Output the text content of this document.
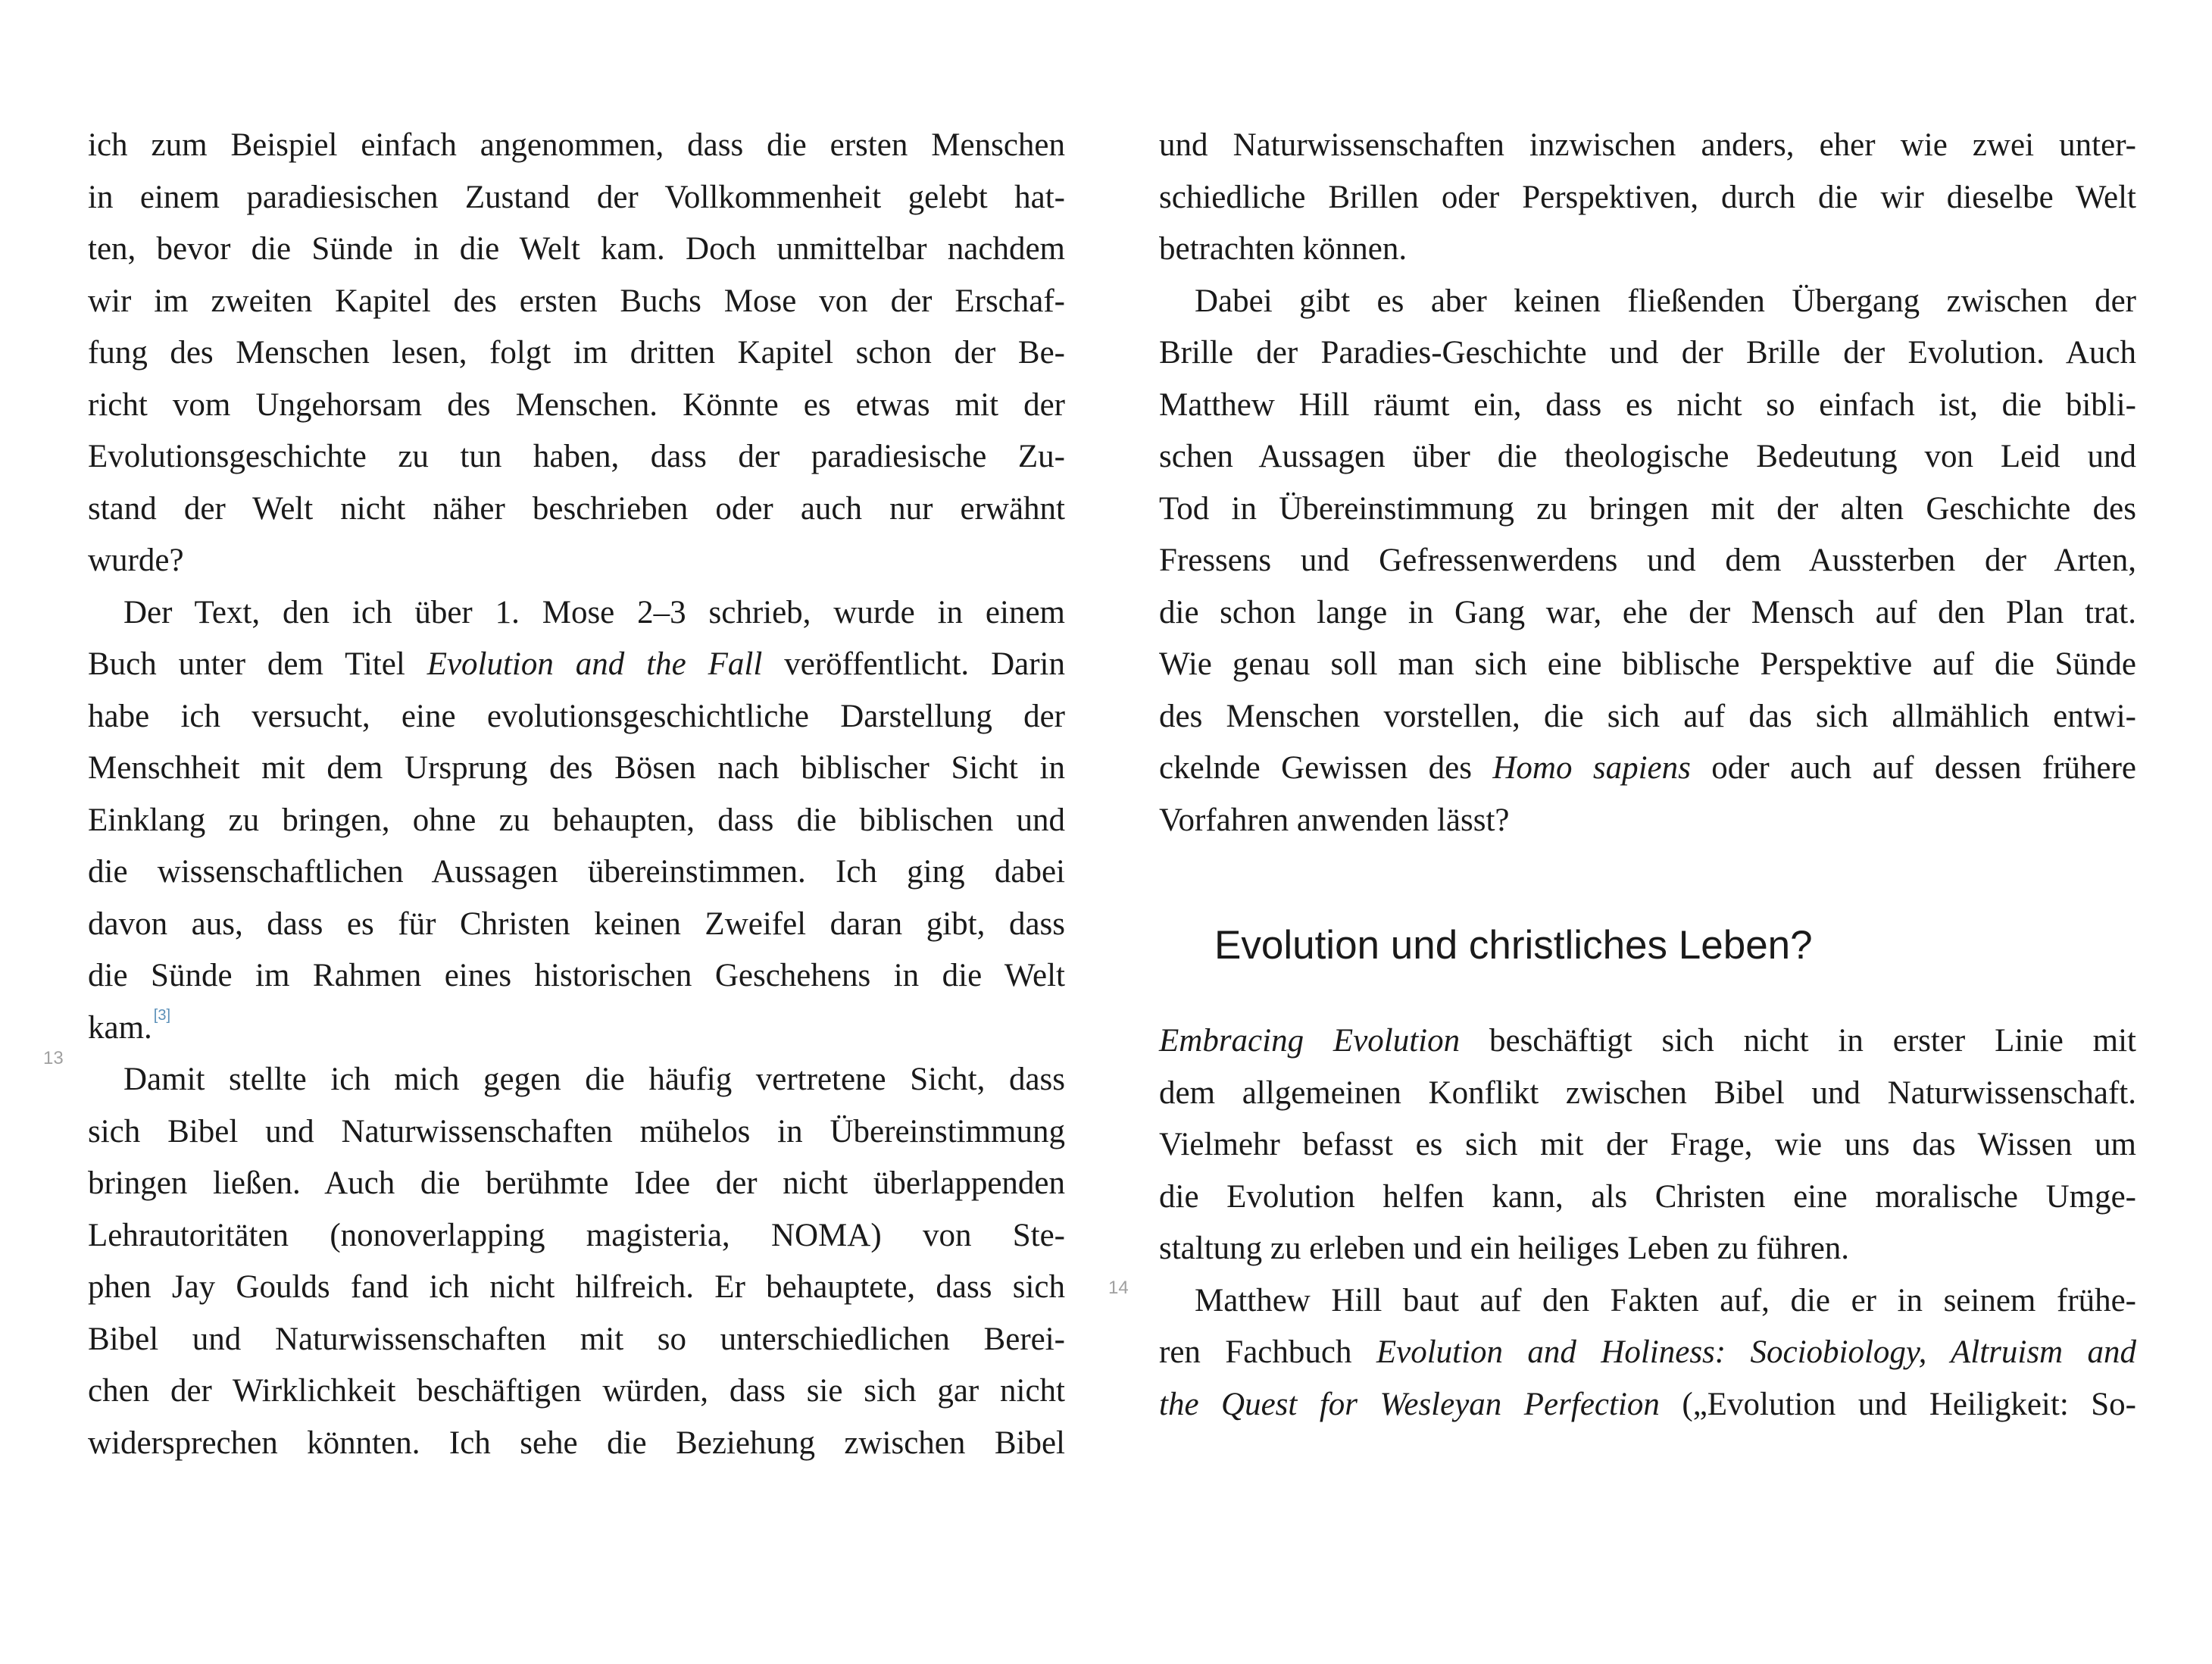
ich zum Beispiel einfach angenommen, dass die ersten Menschen
in einem paradiesischen Zustand der Vollkommenheit gelebt hat-
ten, bevor die Sünde in die Welt kam. Doch unmittelbar nachdem
wir im zweiten Kapitel des ersten Buchs Mose von der Erschaf-
fung des Menschen lesen, folgt im dritten Kapitel schon der Be-
richt vom Ungehorsam des Menschen. Könnte es etwas mit der
Evolutionsgeschichte zu tun haben, dass der paradiesische Zu-
stand der Welt nicht näher beschrieben oder auch nur erwähnt
wurde?
Der Text, den ich über 1. Mose 2–3 schrieb, wurde in einem
Buch unter dem Titel Evolution and the Fall veröffentlicht. Darin
habe ich versucht, eine evolutionsgeschichtliche Darstellung der
Menschheit mit dem Ursprung des Bösen nach biblischer Sicht in
Einklang zu bringen, ohne zu behaupten, dass die biblischen und
die wissenschaftlichen Aussagen übereinstimmen. Ich ging dabei
davon aus, dass es für Christen keinen Zweifel daran gibt, dass
die Sünde im Rahmen eines historischen Geschehens in die Welt
kam. [3]
Damit stellte ich mich gegen die häufig vertretene Sicht, dass
sich Bibel und Naturwissenschaften mühelos in Übereinstimmung
bringen ließen. Auch die berühmte Idee der nicht überlappenden
Lehrautoritäten (nonoverlapping magisteria, NOMA) von Ste-
phen Jay Goulds fand ich nicht hilfreich. Er behauptete, dass sich
Bibel und Naturwissenschaften mit so unterschiedlichen Berei-
chen der Wirklichkeit beschäftigen würden, dass sie sich gar nicht
widersprechen könnten. Ich sehe die Beziehung zwischen Bibel
13
und Naturwissenschaften inzwischen anders, eher wie zwei unter-
schiedliche Brillen oder Perspektiven, durch die wir dieselbe Welt
betrachten können.
Dabei gibt es aber keinen fließenden Übergang zwischen der
Brille der Paradies-Geschichte und der Brille der Evolution. Auch
Matthew Hill räumt ein, dass es nicht so einfach ist, die bibli-
schen Aussagen über die theologische Bedeutung von Leid und
Tod in Übereinstimmung zu bringen mit der alten Geschichte des
Fressens und Gefressenwerdens und dem Aussterben der Arten,
die schon lange in Gang war, ehe der Mensch auf den Plan trat.
Wie genau soll man sich eine biblische Perspektive auf die Sünde
des Menschen vorstellen, die sich auf das sich allmählich entwi-
ckelnde Gewissen des Homo sapiens oder auch auf dessen frühere
Vorfahren anwenden lässt?
Evolution und christliches Leben?
Embracing Evolution beschäftigt sich nicht in erster Linie mit
dem allgemeinen Konflikt zwischen Bibel und Naturwissenschaft.
Vielmehr befasst es sich mit der Frage, wie uns das Wissen um
die Evolution helfen kann, als Christen eine moralische Umge-
staltung zu erleben und ein heiliges Leben zu führen.
Matthew Hill baut auf den Fakten auf, die er in seinem frühe-
ren Fachbuch Evolution and Holiness: Sociobiology, Altruism and
the Quest for Wesleyan Perfection („Evolution und Heiligkeit: So-
14
